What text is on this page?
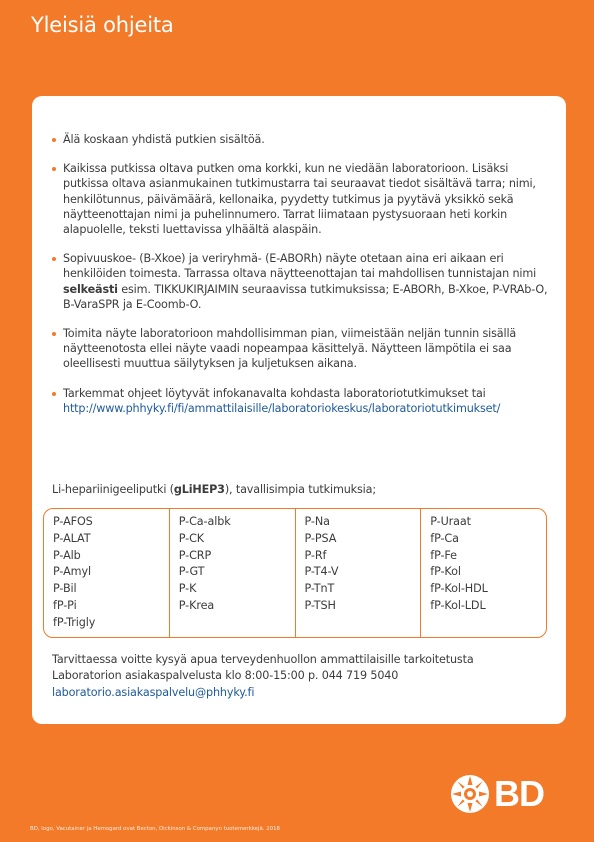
Yleisiä ohjeita
Älä koskaan yhdistä putkien sisältöä.
Kaikissa putkissa oltava putken oma korkki, kun ne viedään laboratorioon. Lisäksi putkissa oltava asianmukainen tutkimustarra tai seuraavat tiedot sisältävä tarra; nimi, henkilötunnus, päivämäärä, kellonaika, pyydetty tutkimus ja pyytävä yksikkö sekä näytteenottajan nimi ja puhelinnumero. Tarrat liimataan pystysuoraan heti korkin alapuolelle, teksti luettavissa ylhäältä alaspäin.
Sopivuuskoe- (B-Xkoe) ja veriryhmä- (E-ABORh) näyte otetaan aina eri aikaan eri henkilöiden toimesta. Tarrassa oltava näytteenottajan tai mahdollisen tunnistajan nimi selkeästi esim. TIKKUKIRJAIMIN seuraavissa tutkimuksissa; E-ABORh, B-Xkoe, P-VRAb-O, B-VaraSPR ja E-Coomb-O.
Toimita näyte laboratorioon mahdollisimman pian, viimeistään neljän tunnin sisällä näytteenotosta ellei näyte vaadi nopeampaa käsittelyä. Näytteen lämpötila ei saa oleellisesti muuttua säilytyksen ja kuljetuksen aikana.
Tarkemmat ohjeet löytyvät infokanavalta kohdasta laboratoriotutkimukset tai
http://www.phhyky.fi/fi/ammattilaisille/laboratoriokeskus/laboratoriotutkimukset/
Li-hepariinigeeliputki (gLiHEP3), tavallisimpia tutkimuksia;
P-AFOS
P-ALAT
P-Alb
P-Amyl
P-Bil
fP-Pi
fP-Trigly
P-Ca-albk
P-CK
P-CRP
P-GT
P-K
P-Krea
P-Na
P-PSA
P-Rf
P-T4-V
P-TnT
P-TSH
P-Uraat
fP-Ca
fP-Fe
fP-Kol
fP-Kol-HDL
fP-Kol-LDL
Tarvittaessa voitte kysyä apua terveydenhuollon ammattilaisille tarkoitetusta
Laboratorion asiakaspalvelusta klo 8:00-15:00 p. 044 719 5040
laboratorio.asiakaspalvelu@phhyky.fi
BD
BD, logo, Vacutainer ja Hemogard ovat Becton, Dickinson & Companyn tuotemerkkejä. 2018
